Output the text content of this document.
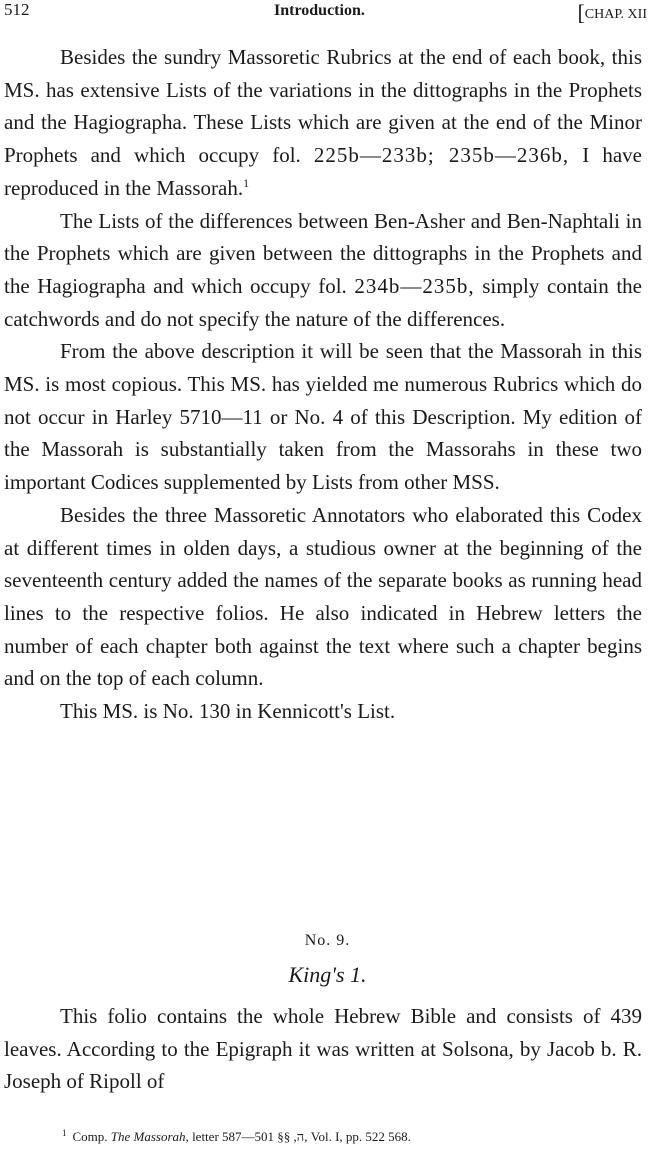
512	Introduction.	[CHAP. XII

Besides the sundry Massoretic Rubrics at the end of each book, this MS. has extensive Lists of the variations in the dittographs in the Prophets and the Hagiographa. These Lists which are given at the end of the Minor Prophets and which occupy fol. 225b—233b; 235b—236b, I have reproduced in the Massorah.$^1$

The Lists of the differences between Ben-Asher and Ben-Naphtali in the Prophets which are given between the dittographs in the Prophets and the Hagiographa and which occupy fol. 234b—235b, simply contain the catchwords and do not specify the nature of the differences.

From the above description it will be seen that the Massorah in this MS. is most copious. This MS. has yielded me numerous Rubrics which do not occur in Harley 5710—11 or No. 4 of this Description. My edition of the Massorah is substantially taken from the Massorahs in these two important Codices supplemented by Lists from other MSS.

Besides the three Massoretic Annotators who elaborated this Codex at different times in olden days, a studious owner at the beginning of the seventeenth century added the names of the separate books as running head lines to the respective folios. He also indicated in Hebrew letters the number of each chapter both against the text where such a chapter begins and on the top of each column.

This MS. is No. 130 in Kennicott's List.

No. 9.
King's 1.

This folio contains the whole Hebrew Bible and consists of 439 leaves. According to the Epigraph it was written at Solsona, by Jacob b. R. Joseph of Ripoll of

$^1$ Comp. The Massorah, letter ה, §§ 501—587, Vol. I, pp. 522 568.
